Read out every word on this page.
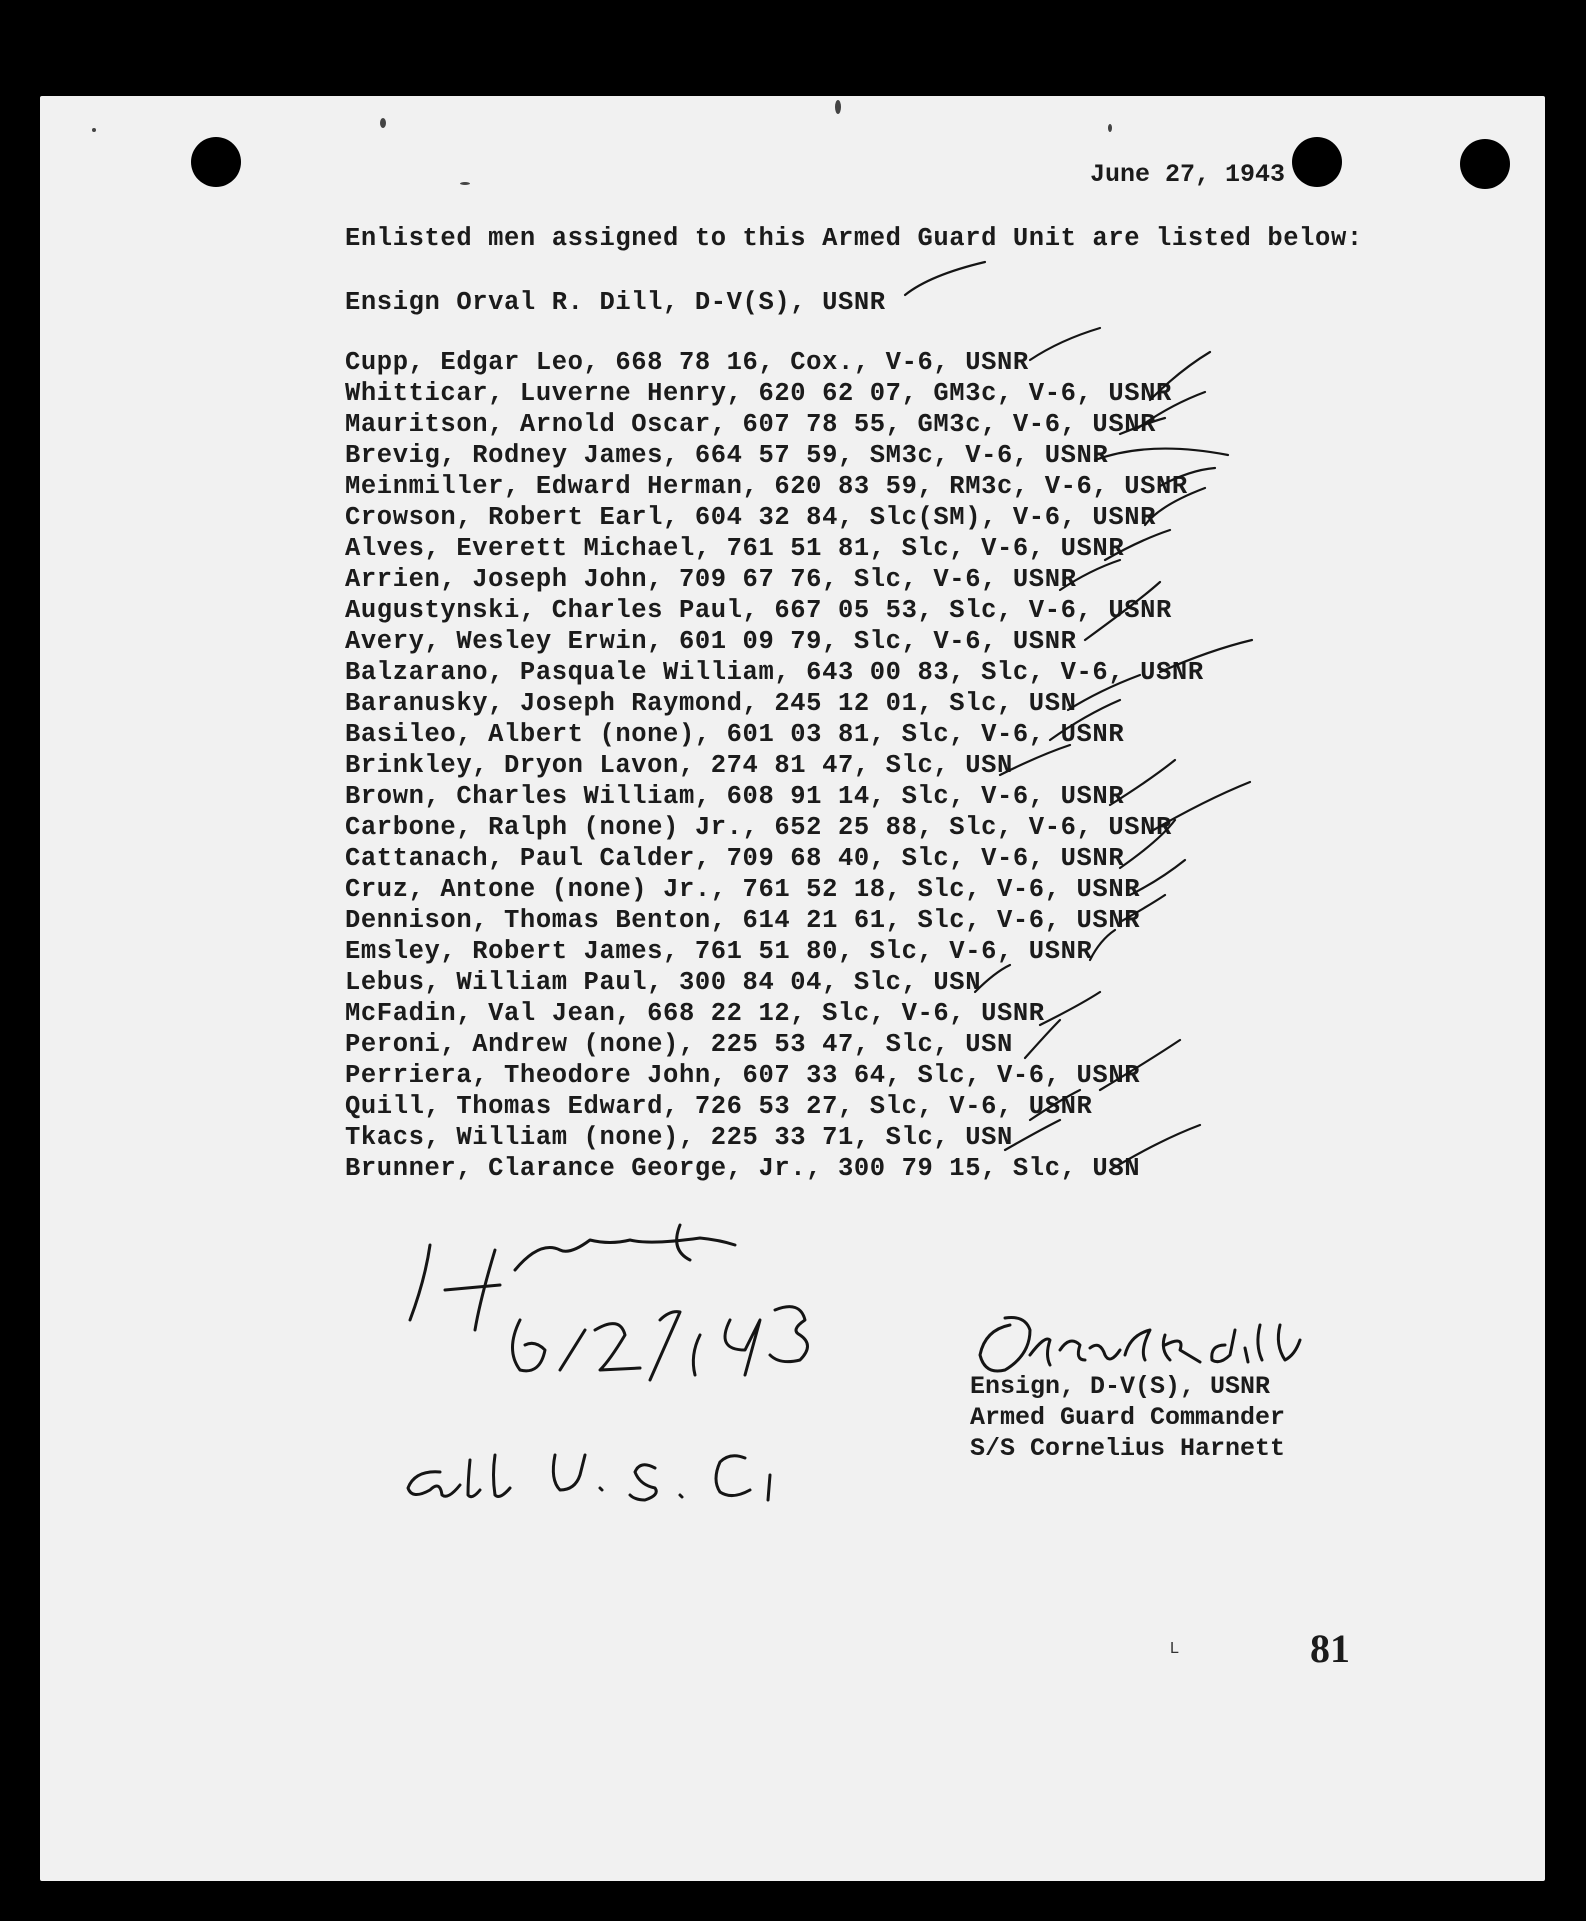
June 27, 1943
Enlisted men assigned to this Armed Guard Unit are listed below:
Ensign Orval R. Dill, D-V(S), USNR
Cupp, Edgar Leo, 668 78 16, Cox., V-6, USNR
Whitticar, Luverne Henry, 620 62 07, GM3c, V-6, USNR
Mauritson, Arnold Oscar, 607 78 55, GM3c, V-6, USNR
Brevig, Rodney James, 664 57 59, SM3c, V-6, USNR
Meinmiller, Edward Herman, 620 83 59, RM3c, V-6, USNR
Crowson, Robert Earl, 604 32 84, Slc(SM), V-6, USNR
Alves, Everett Michael, 761 51 81, Slc, V-6, USNR
Arrien, Joseph John, 709 67 76, Slc, V-6, USNR
Augustynski, Charles Paul, 667 05 53, Slc, V-6, USNR
Avery, Wesley Erwin, 601 09 79, Slc, V-6, USNR
Balzarano, Pasquale William, 643 00 83, Slc, V-6, USNR
Baranusky, Joseph Raymond, 245 12 01, Slc, USN
Basileo, Albert (none), 601 03 81, Slc, V-6, USNR
Brinkley, Dryon Lavon, 274 81 47, Slc, USN
Brown, Charles William, 608 91 14, Slc, V-6, USNR
Carbone, Ralph (none) Jr., 652 25 88, Slc, V-6, USNR
Cattanach, Paul Calder, 709 68 40, Slc, V-6, USNR
Cruz, Antone (none) Jr., 761 52 18, Slc, V-6, USNR
Dennison, Thomas Benton, 614 21 61, Slc, V-6, USNR
Emsley, Robert James, 761 51 80, Slc, V-6, USNR
Lebus, William Paul, 300 84 04, Slc, USN
McFadin, Val Jean, 668 22 12, Slc, V-6, USNR
Peroni, Andrew (none), 225 53 47, Slc, USN
Perriera, Theodore John, 607 33 64, Slc, V-6, USNR
Quill, Thomas Edward, 726 53 27, Slc, V-6, USNR
Tkacs, William (none), 225 33 71, Slc, USN
Brunner, Clarance George, Jr., 300 79 15, Slc, USN
Ensign, D-V(S), USNR
Armed Guard Commander
S/S Cornelius Harnett
L	81
